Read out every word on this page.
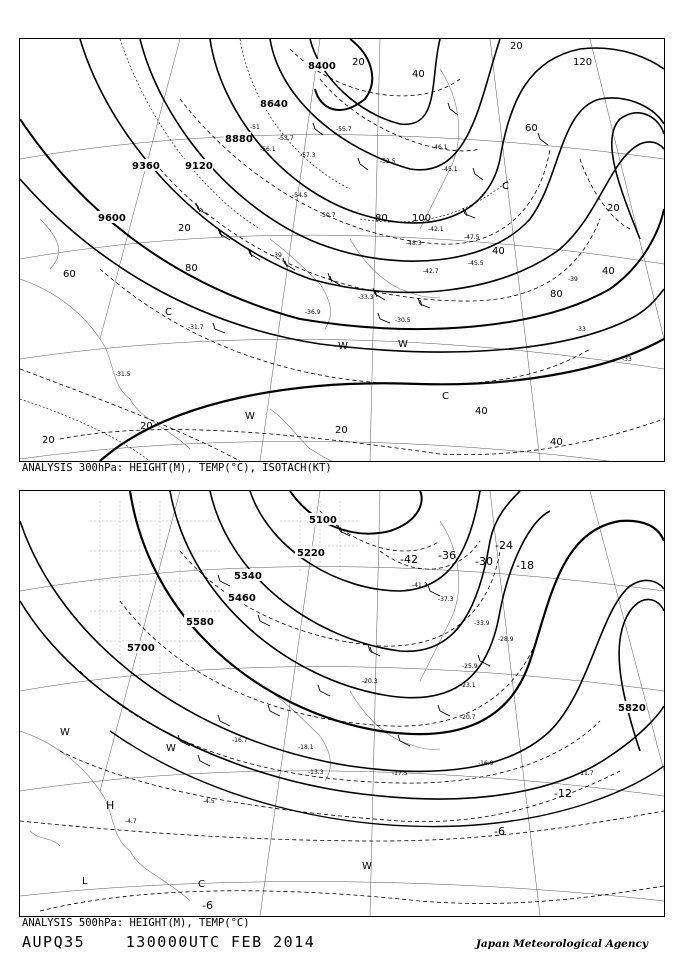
8400
8640
8880
9120
9360
9600
20
20
40
40
40
40
60
60
80
80
80
100
120
20
20
20	20
20	40
-51
-53.7
-55.7
-57.3
-56.1
-54.5
-52.5
-50.7
-46.1
-45.1
-48.3
-47.5
-42.7
-42.1
-45.5
-39
-36.9
-33.3
-30.5
-31.7
-31.5
-33
-39
-33
C
C
W
W
W
C
ANALYSIS 300hPa: HEIGHT(M), TEMP(°C), ISOTACH(KT)
5100
5220
5340
5460
5580
5700
5820
-42 -36 -30
-24
-18
-12
-6
-6
-41.3
-37.3
-33.9
-28.9
-25.9
-23.1
-20.7
-16.9
-11.7
-20.3
-17.5
-13.3
-18.1
-16.7
-4.5
-4.7
W
H
L	C
W
W
ANALYSIS 500hPa: HEIGHT(M), TEMP(°C)
AUPQ35	130000UTC FEB 2014	Japan Meteorological Agency
